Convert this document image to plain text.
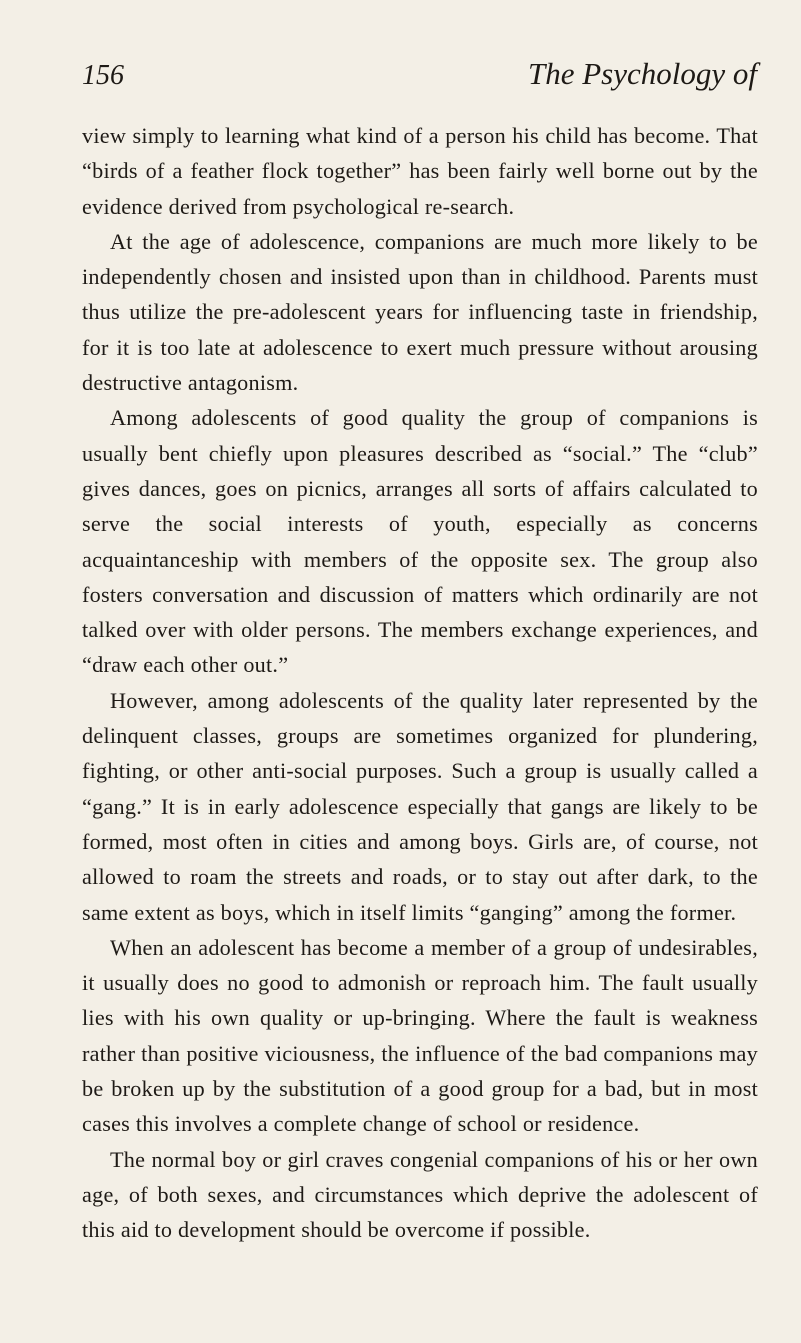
156	The Psychology of

view simply to learning what kind of a person his child has become. That “birds of a feather flock together” has been fairly well borne out by the evidence derived from psychological re-search.

At the age of adolescence, companions are much more likely to be independently chosen and insisted upon than in childhood. Parents must thus utilize the pre-adolescent years for influencing taste in friendship, for it is too late at adolescence to exert much pressure without arousing destructive antagonism.

Among adolescents of good quality the group of companions is usually bent chiefly upon pleasures described as “social.” The “club” gives dances, goes on picnics, arranges all sorts of affairs calculated to serve the social interests of youth, especially as concerns acquaintanceship with members of the opposite sex. The group also fosters conversation and discussion of matters which ordinarily are not talked over with older persons. The members exchange experiences, and “draw each other out.”

However, among adolescents of the quality later represented by the delinquent classes, groups are sometimes organized for plundering, fighting, or other anti-social purposes. Such a group is usually called a “gang.” It is in early adolescence especially that gangs are likely to be formed, most often in cities and among boys. Girls are, of course, not allowed to roam the streets and roads, or to stay out after dark, to the same extent as boys, which in itself limits “ganging” among the former.

When an adolescent has become a member of a group of undesirables, it usually does no good to admonish or reproach him. The fault usually lies with his own quality or up-bringing. Where the fault is weakness rather than positive viciousness, the influence of the bad companions may be broken up by the substitution of a good group for a bad, but in most cases this involves a complete change of school or residence.

The normal boy or girl craves congenial companions of his or her own age, of both sexes, and circumstances which deprive the adolescent of this aid to development should be overcome if possible.
